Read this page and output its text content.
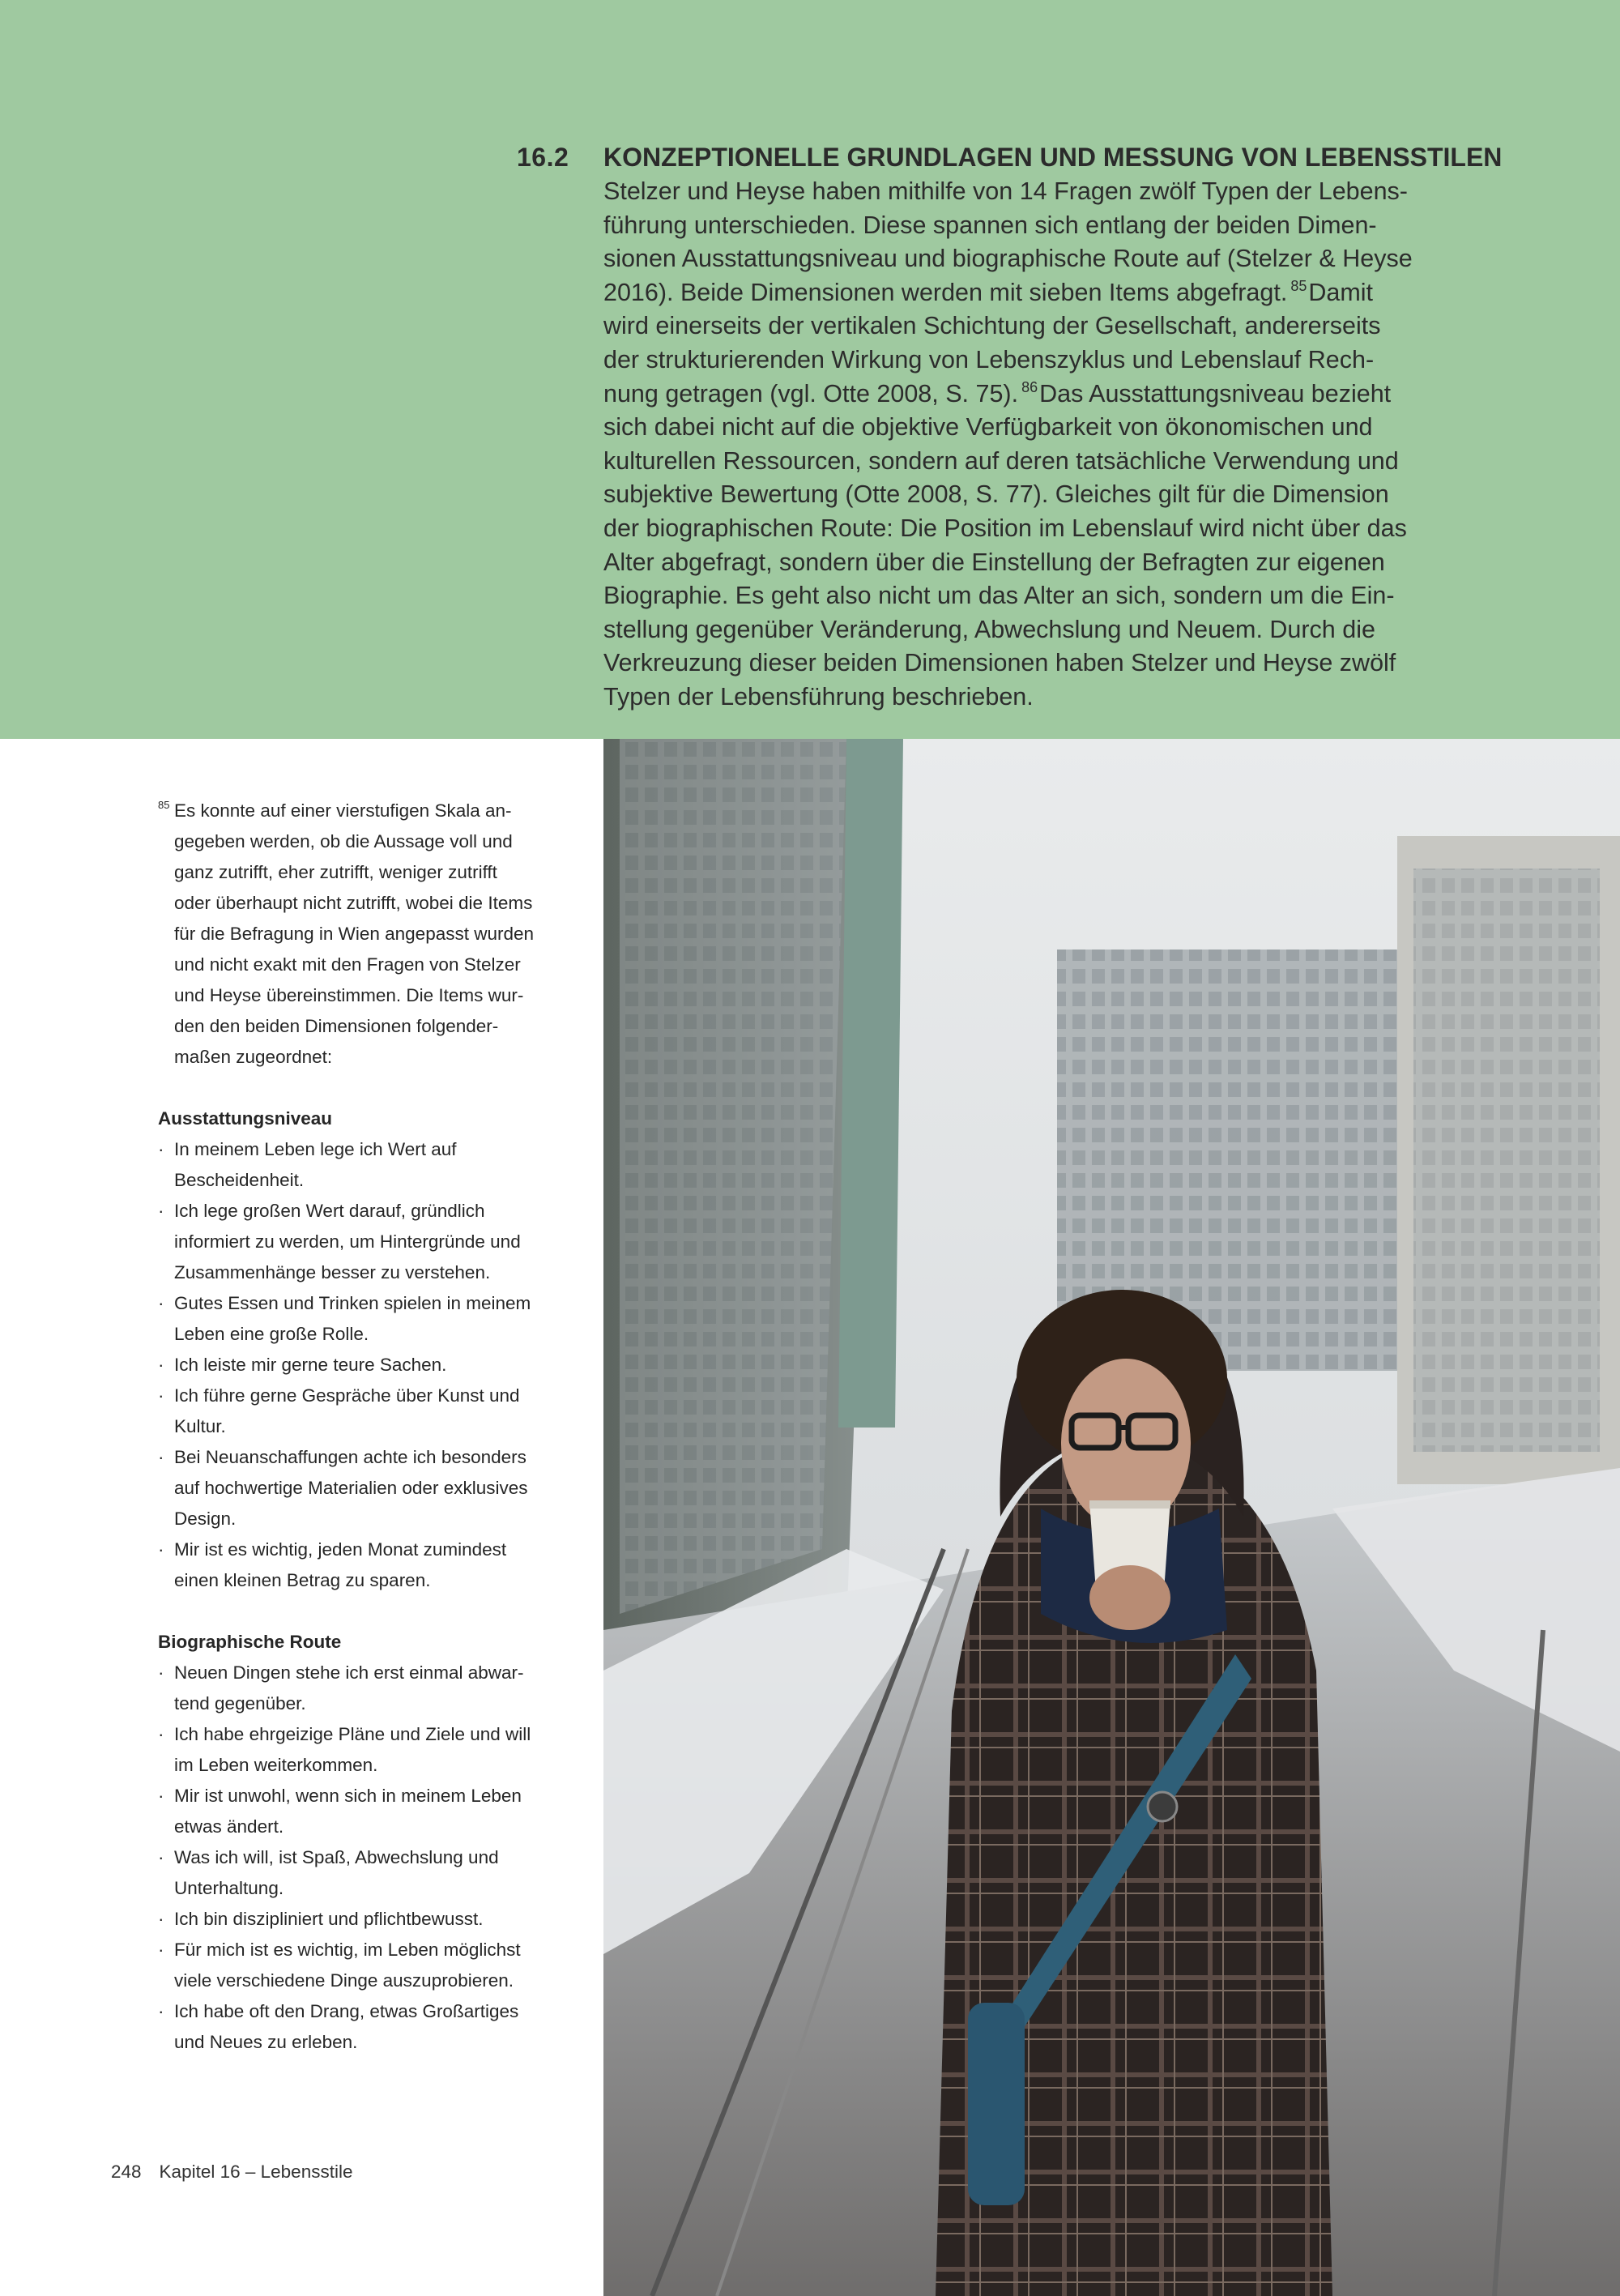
16.2	KONZEPTIONELLE GRUNDLAGEN UND MESSUNG VON LEBENSSTILEN
Stelzer und Heyse haben mithilfe von 14 Fragen zwölf Typen der Lebens-
führung unterschieden. Diese spannen sich entlang der beiden Dimen-
sionen Ausstattungsniveau und biographische Route auf (Stelzer & Heyse
2016). Beide Dimensionen werden mit sieben Items abgefragt. $^{85}$Damit
wird einerseits der vertikalen Schichtung der Gesellschaft, andererseits
der strukturierenden Wirkung von Lebenszyklus und Lebenslauf Rech-
nung getragen (vgl. Otte 2008, S. 75). $^{86}$Das Ausstattungsniveau bezieht
sich dabei nicht auf die objektive Verfügbarkeit von ökonomischen und
kulturellen Ressourcen, sondern auf deren tatsächliche Verwendung und
subjektive Bewertung (Otte 2008, S. 77). Gleiches gilt für die Dimension
der biographischen Route: Die Position im Lebenslauf wird nicht über das
Alter abgefragt, sondern über die Einstellung der Befragten zur eigenen
Biographie. Es geht also nicht um das Alter an sich, sondern um die Ein-
stellung gegenüber Veränderung, Abwechslung und Neuem. Durch die
Verkreuzung dieser beiden Dimensionen haben Stelzer und Heyse zwölf
Typen der Lebensführung beschrieben.
85 Es konnte auf einer vierstufigen Skala an-
gegeben werden, ob die Aussage voll und
ganz zutrifft, eher zutrifft, weniger zutrifft
oder überhaupt nicht zutrifft, wobei die Items
für die Befragung in Wien angepasst wurden
und nicht exakt mit den Fragen von Stelzer
und Heyse übereinstimmen. Die Items wur-
den den beiden Dimensionen folgender-
maßen zugeordnet:
Ausstattungsniveau
· In meinem Leben lege ich Wert auf
Bescheidenheit.
· Ich lege großen Wert darauf, gründlich
informiert zu werden, um Hintergründe und
Zusammenhänge besser zu verstehen.
· Gutes Essen und Trinken spielen in meinem
Leben eine große Rolle.
· Ich leiste mir gerne teure Sachen.
· Ich führe gerne Gespräche über Kunst und
Kultur.
· Bei Neuanschaffungen achte ich besonders
auf hochwertige Materialien oder exklusives
Design.
· Mir ist es wichtig, jeden Monat zumindest
einen kleinen Betrag zu sparen.
Biographische Route
· Neuen Dingen stehe ich erst einmal abwar-
tend gegenüber.
· Ich habe ehrgeizige Pläne und Ziele und will
im Leben weiterkommen.
· Mir ist unwohl, wenn sich in meinem Leben
etwas ändert.
· Was ich will, ist Spaß, Abwechslung und
Unterhaltung.
· Ich bin diszipliniert und pflichtbewusst.
· Für mich ist es wichtig, im Leben möglichst
viele verschiedene Dinge auszuprobieren.
· Ich habe oft den Drang, etwas Großartiges
und Neues zu erleben.
248 Kapitel 16 – Lebensstile
